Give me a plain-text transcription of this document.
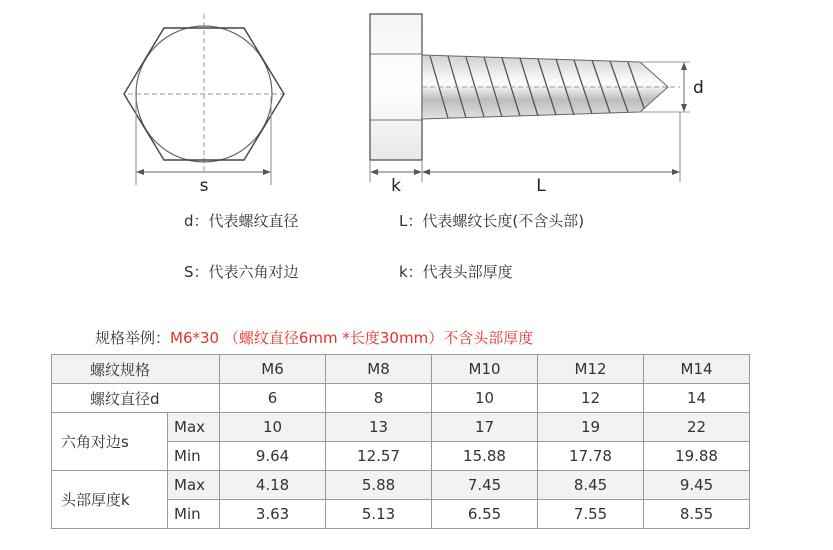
s
d
k	L
d：代表螺纹直径	L：代表螺纹长度(不含头部)
S：代表六角对边	k：代表头部厚度
规格举例：M6*30 （螺纹直径6mm *长度30mm）不含头部厚度
螺纹规格		M6	M8	M10	M12	M14
螺纹直径d		6	8	10	12	14
六角对边s	Max	10	13	17	19	22
	Min	9.64	12.57	15.88	17.78	19.88
头部厚度k	Max	4.18	5.88	7.45	8.45	9.45
	Min	3.63	5.13	6.55	7.55	8.55
